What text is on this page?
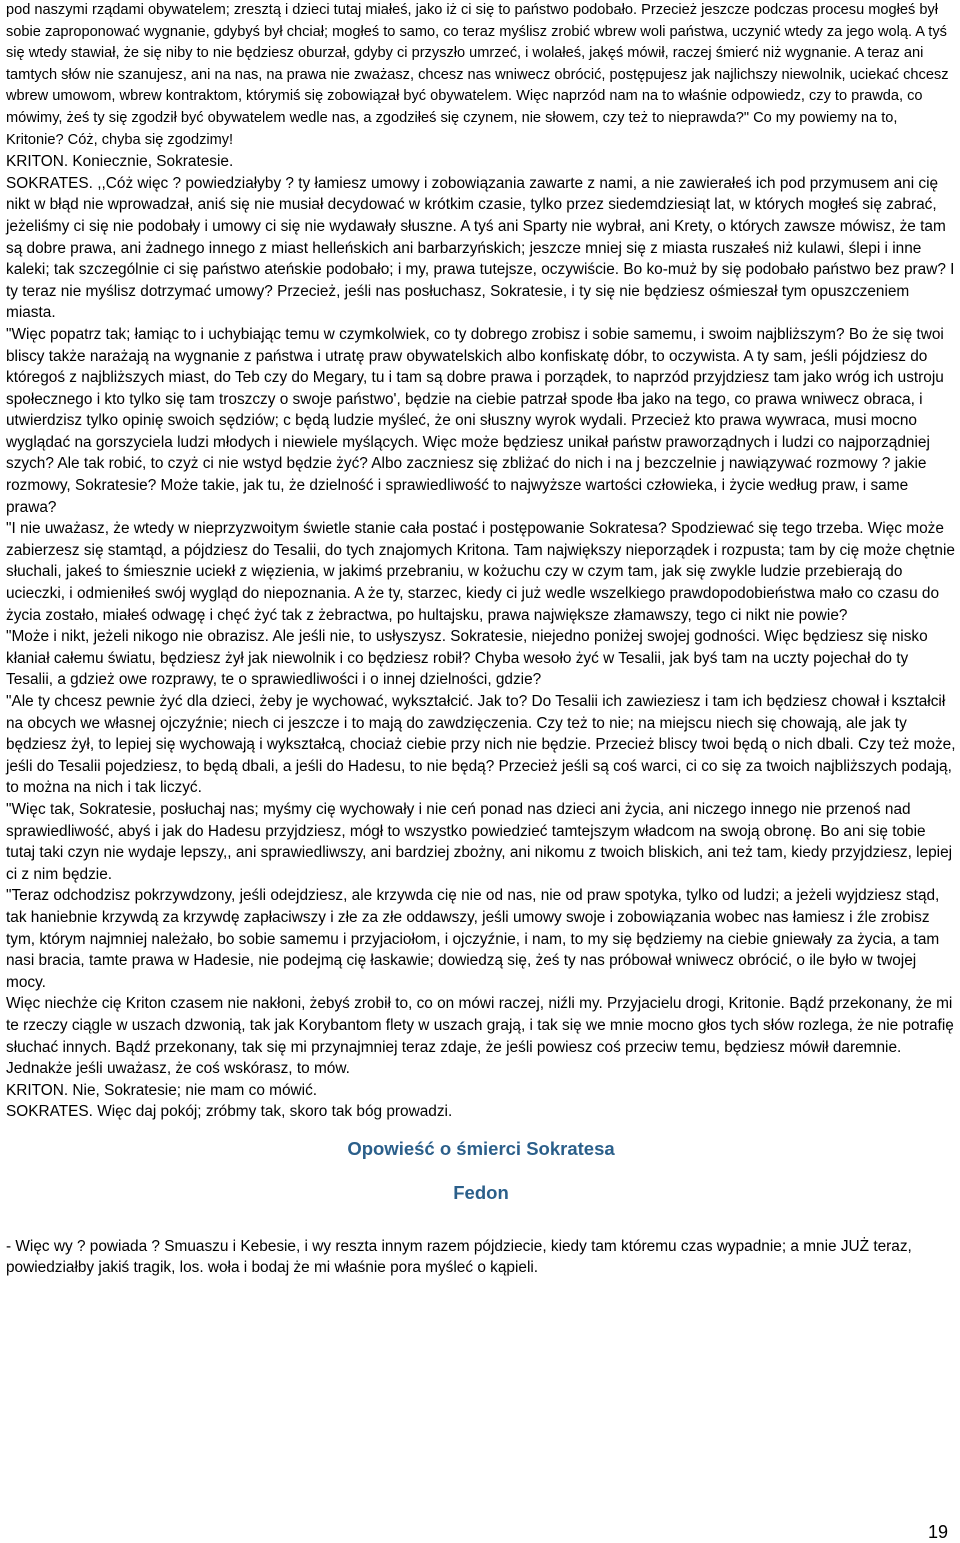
pod naszymi rządami obywatelem; zresztą i dzieci tutaj miałeś, jako iż ci się to państwo podobało. Przecież jeszcze podczas procesu mogłeś był sobie zaproponować wygnanie, gdybyś był chciał; mogłeś to samo, co teraz myślisz zrobić wbrew woli państwa, uczynić wtedy za jego wolą. A tyś się wtedy stawiał, że się niby to nie będziesz oburzał, gdyby ci przyszło umrzeć, i wolałeś, jakęś mówił, raczej śmierć niż wygnanie. A teraz ani tamtych słów nie szanujesz, ani na nas, na prawa nie zważasz, chcesz nas wniwecz obrócić, postępujesz jak najlichszy niewolnik, uciekać chcesz wbrew umowom, wbrew kontraktom, którymiś się zobowiązał być obywatelem. Więc naprzód nam na to właśnie odpowiedz, czy to prawda, co mówimy, żeś ty się zgodził być obywatelem wedle nas, a zgodziłeś się czynem, nie słowem, czy też to nieprawda?" Co my powiemy na to, Kritonie? Cóż, chyba się zgodzimy!

KRITON. Koniecznie, Sokratesie.

SOKRATES. ,,Cóż więc ? powiedziałyby ? ty łamiesz umowy i zobowiązania zawarte z nami, a nie zawierałeś ich pod przymusem ani cię nikt w błąd nie wprowadzał, aniś się nie musiał decydować w krótkim czasie, tylko przez siedemdziesiąt lat, w których mogłeś się zabrać, jeżeliśmy ci się nie podobały i umowy ci się nie wydawały słuszne. A tyś ani Sparty nie wybrał, ani Krety, o których zawsze mówisz, że tam są dobre prawa, ani żadnego innego z miast helleńskich ani barbarzyńskich; jeszcze mniej się z miasta ruszałeś niż kulawi, ślepi i inne kaleki; tak szczególnie ci się państwo ateńskie podobało; i my, prawa tutejsze, oczywiście. Bo ko-muż by się podobało państwo bez praw? I ty teraz nie myślisz dotrzymać umowy? Przecież, jeśli nas posłuchasz, Sokratesie, i ty się nie będziesz ośmieszał tym opuszczeniem miasta.

"Więc popatrz tak; łamiąc to i uchybiając temu w czymkolwiek, co ty dobrego zrobisz i sobie samemu, i swoim najbliższym? Bo że się twoi bliscy także narażają na wygnanie z państwa i utratę praw obywatelskich albo konfiskatę dóbr, to oczywista. A ty sam, jeśli pójdziesz do któregoś z najbliższych miast, do Teb czy do Megary, tu i tam są dobre prawa i porządek, to naprzód przyjdziesz tam jako wróg ich ustroju społecznego i kto tylko się tam troszczy o swoje państwo', będzie na ciebie patrzał spode łba jako na tego, co prawa wniwecz obraca, i utwierdzisz tylko opinię swoich sędziów; c będą ludzie myśleć, że oni słuszny wyrok wydali. Przecież kto prawa wywraca, musi mocno wyglądać na gorszyciela ludzi młodych i niewiele myślących. Więc może będziesz unikał państw praworządnych i ludzi co najporządniej szych? Ale tak robić, to czyż ci nie wstyd będzie żyć? Albo zaczniesz się zbliżać do nich i na j bezczelnie j nawiązywać rozmowy ? jakie rozmowy, Sokratesie? Może takie, jak tu, że dzielność i sprawiedliwość to najwyższe wartości człowieka, i życie według praw, i same prawa?

"I nie uważasz, że wtedy w nieprzyzwoitym świetle stanie cała postać i postępowanie Sokratesa? Spodziewać się tego trzeba. Więc może zabierzesz się stamtąd, a pójdziesz do Tesalii, do tych znajomych Kritona. Tam największy nieporządek i rozpusta; tam by cię może chętnie słuchali, jakeś to śmiesznie uciekł z więzienia, w jakimś przebraniu, w kożuchu czy w czym tam, jak się zwykle ludzie przebierają do ucieczki, i odmieniłeś swój wygląd do niepoznania. A że ty, starzec, kiedy ci już wedle wszelkiego prawdopodobieństwa mało co czasu do życia zostało, miałeś odwagę i chęć żyć tak z żebractwa, po hultajsku, prawa największe złamawszy, tego ci nikt nie powie?

"Może i nikt, jeżeli nikogo nie obrazisz. Ale jeśli nie, to usłyszysz. Sokratesie, niejedno poniżej swojej godności. Więc będziesz się nisko kłaniał całemu światu, będziesz żył jak niewolnik i co będziesz robił? Chyba wesoło żyć w Tesalii, jak byś tam na uczty pojechał do ty Tesalii, a gdzież owe rozprawy, te o sprawiedliwości i o innej dzielności, gdzie?

"Ale ty chcesz pewnie żyć dla dzieci, żeby je wychować, wykształcić. Jak to? Do Tesalii ich zawieziesz i tam ich będziesz chował i kształcił na obcych we własnej ojczyźnie; niech ci jeszcze i to mają do zawdzięczenia. Czy też to nie; na miejscu niech się chowają, ale jak ty będziesz żył, to lepiej się wychowają i wykształcą, chociaż ciebie przy nich nie będzie. Przecież bliscy twoi będą o nich dbali. Czy też może, jeśli do Tesalii pojedziesz, to będą dbali, a jeśli do Hadesu, to nie będą? Przecież jeśli są coś warci, ci co się za twoich najbliższych podają, to można na nich i tak liczyć.

"Więc tak, Sokratesie, posłuchaj nas; myśmy cię wychowały i nie ceń ponad nas dzieci ani życia, ani niczego innego nie przenoś nad sprawiedliwość, abyś i jak do Hadesu przyjdziesz, mógł to wszystko powiedzieć tamtejszym władcom na swoją obronę. Bo ani się tobie tutaj taki czyn nie wydaje lepszy,, ani sprawiedliwszy, ani bardziej zbożny, ani nikomu z twoich bliskich, ani też tam, kiedy przyjdziesz, lepiej ci z nim będzie.

"Teraz odchodzisz pokrzywdzony, jeśli odejdziesz, ale krzywda cię nie od nas, nie od praw spotyka, tylko od ludzi; a jeżeli wyjdziesz stąd, tak haniebnie krzywdą za krzywdę zapłaciwszy i złe za złe oddawszy, jeśli umowy swoje i zobowiązania wobec nas łamiesz i źle zrobisz tym, którym najmniej należało, bo sobie samemu i przyjaciołom, i ojczyźnie, i nam, to my się będziemy na ciebie gniewały za życia, a tam nasi bracia, tamte prawa w Hadesie, nie podejmą cię łaskawie; dowiedzą się, żeś ty nas próbował wniwecz obrócić, o ile było w twojej mocy.

Więc niechże cię Kriton czasem nie nakłoni, żebyś zrobił to, co on mówi raczej, niźli my. Przyjacielu drogi, Kritonie. Bądź przekonany, że mi te rzeczy ciągle w uszach dzwonią, tak jak Korybantom flety w uszach grają, i tak się we mnie mocno głos tych słów rozlega, że nie potrafię słuchać innych. Bądź przekonany, tak się mi przynajmniej teraz zdaje, że jeśli powiesz coś przeciw temu, będziesz mówił daremnie. Jednakże jeśli uważasz, że coś wskórasz, to mów.

KRITON. Nie, Sokratesie; nie mam co mówić.

SOKRATES. Więc daj pokój; zróbmy tak, skoro tak bóg prowadzi.

Opowieść o śmierci Sokratesa
Fedon

- Więc wy ? powiada ? Smuaszu i Kebesie, i wy reszta innym razem pójdziecie, kiedy tam któremu czas wypadnie; a mnie JUŻ teraz, powiedziałby jakiś tragik, los. woła i bodaj że mi właśnie pora myśleć o kąpieli.

19
